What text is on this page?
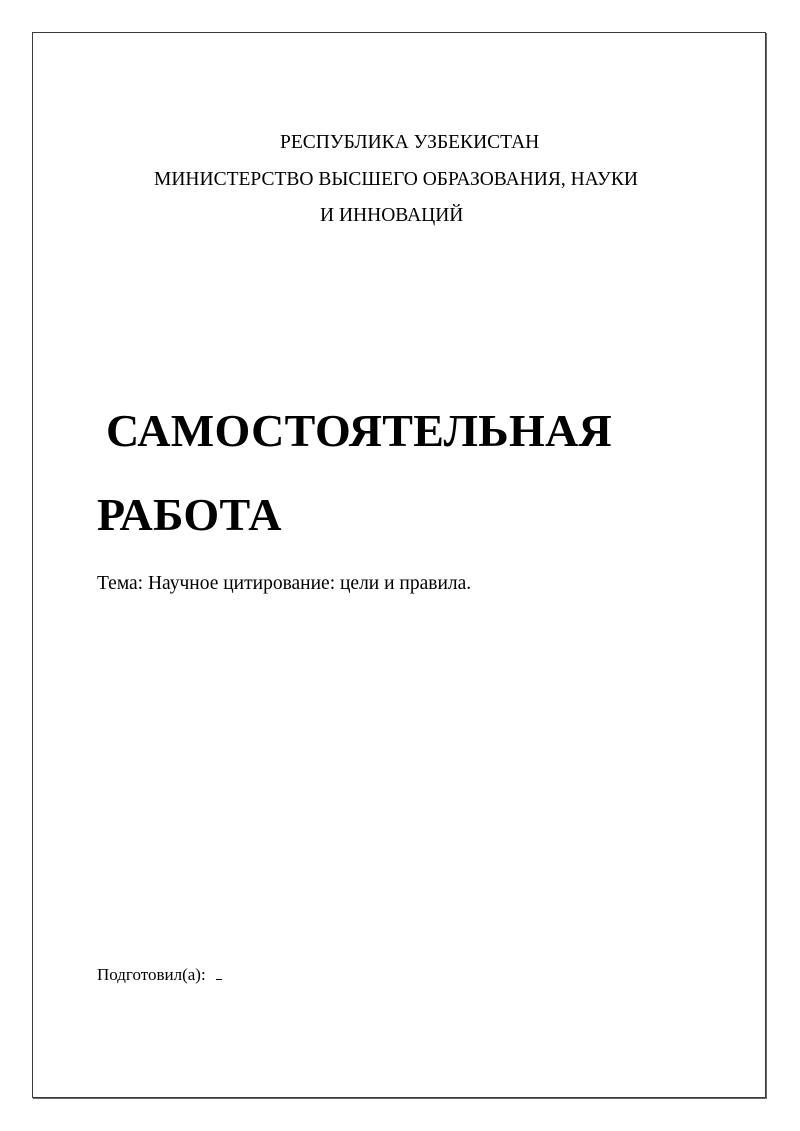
РЕСПУБЛИКА УЗБЕКИСТАН
МИНИСТЕРСТВО ВЫСШЕГО ОБРАЗОВАНИЯ, НАУКИ
И ИННОВАЦИЙ
САМОСТОЯТЕЛЬНАЯ
РАБОТА
Тема: Научное цитирование: цели и правила.
Подготовил(а):
